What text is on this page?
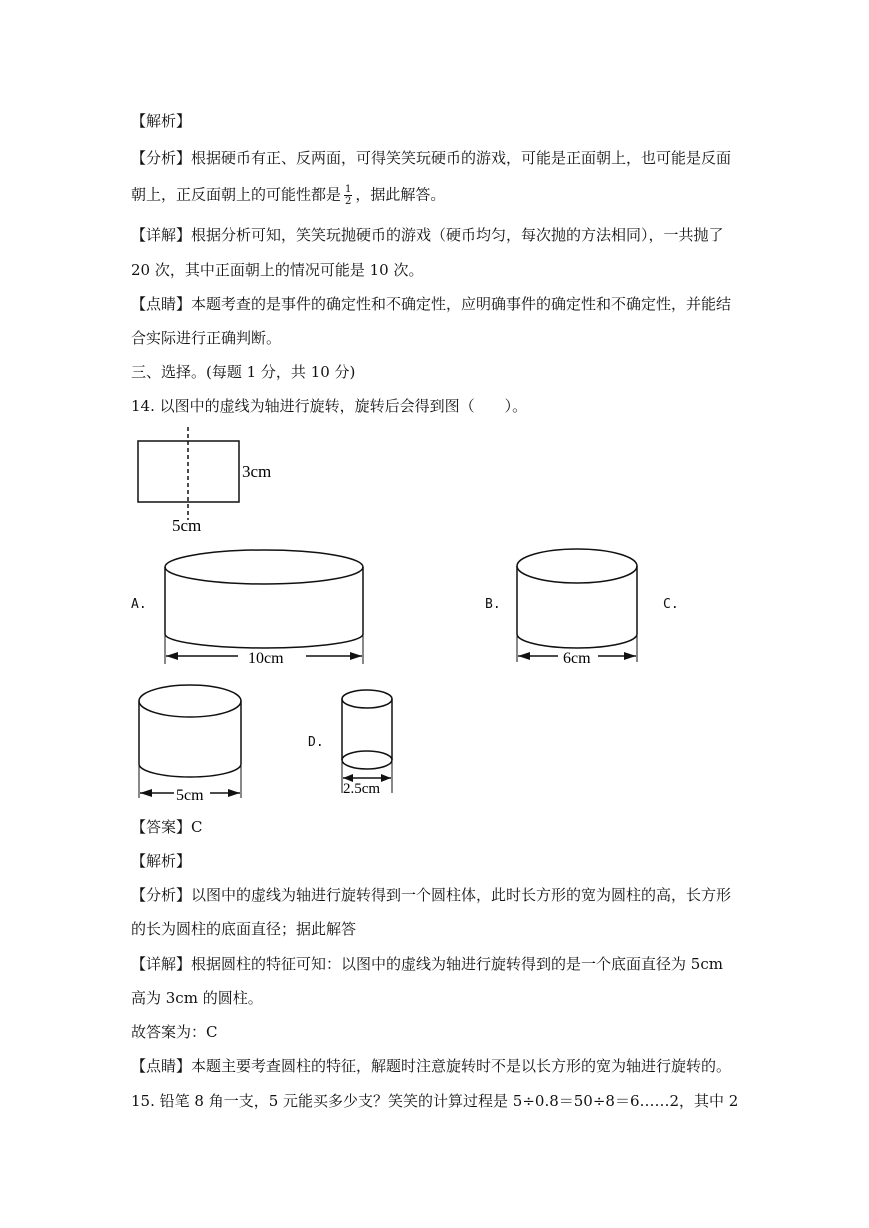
【解析】
【分析】根据硬币有正、反两面，可得笑笑玩硬币的游戏，可能是正面朝上，也可能是反面
朝上，正反面朝上的可能性都是 $\frac{1}{2}$ ，据此解答。
【详解】根据分析可知，笑笑玩抛硬币的游戏（硬币均匀，每次抛的方法相同），一共抛了
20 次，其中正面朝上的情况可能是 10 次。
【点睛】本题考查的是事件的确定性和不确定性，应明确事件的确定性和不确定性，并能结
合实际进行正确判断。
三、选择。(每题 1 分，共 10 分)
14. 以图中的虚线为轴进行旋转，旋转后会得到图（　　）。
3cm
5cm
A.
10cm
B.
6cm
C.
5cm
D.
2.5cm
【答案】C
【解析】
【分析】以图中的虚线为轴进行旋转得到一个圆柱体，此时长方形的宽为圆柱的高，长方形
的长为圆柱的底面直径；据此解答
【详解】根据圆柱的特征可知：以图中的虚线为轴进行旋转得到的是一个底面直径为 5cm
高为 3cm 的圆柱。
故答案为：C
【点睛】本题主要考查圆柱的特征，解题时注意旋转时不是以长方形的宽为轴进行旋转的。
15. 铅笔 8 角一支，5 元能买多少支？笑笑的计算过程是 5÷0.8＝50÷8＝6……2，其中 2
